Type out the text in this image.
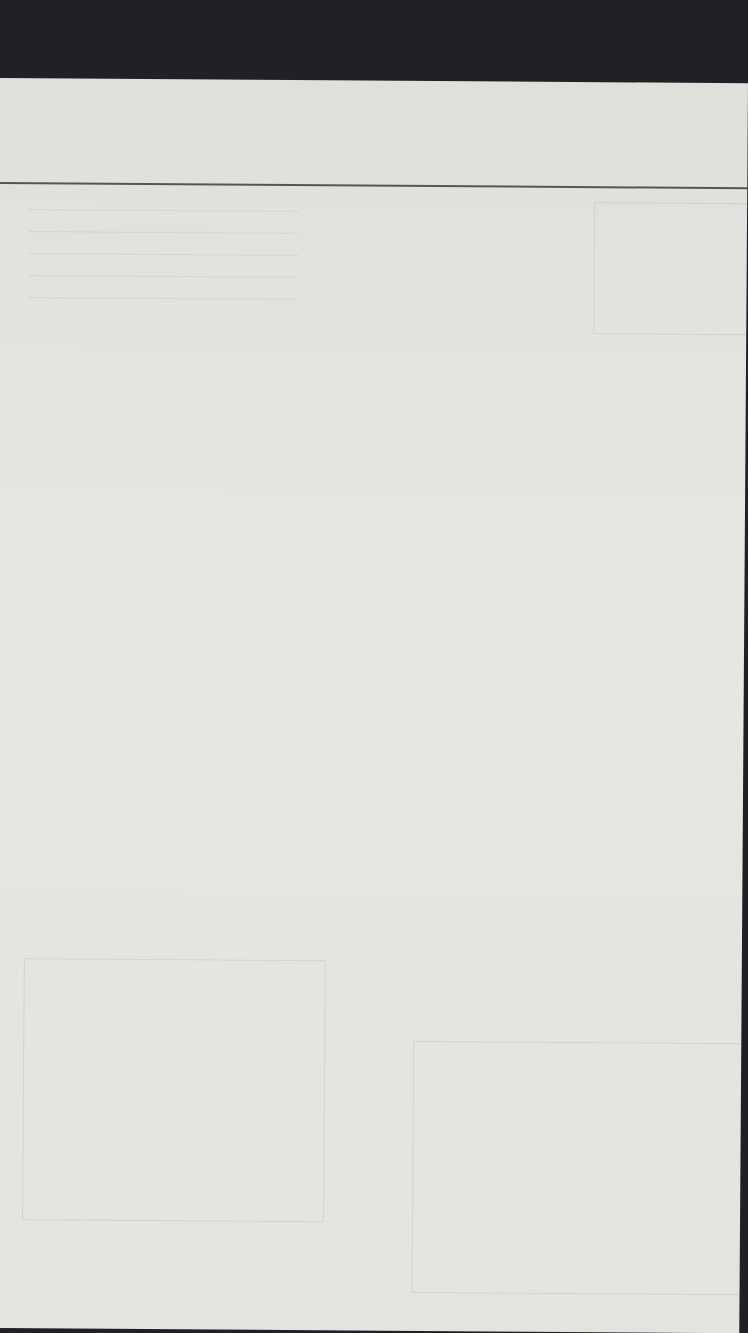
~~~~~~~~~~~~~~~~~~~~~~~~~~~~~~~~~
~~~~~~~~~~~~~~~~~~~~~~~~~~~~~~~~~
~~~~~~~~~~~~~~~~~~~~~~~~~~~~~~~~~
~~~~~~~~~~~~~~~~~~~~~~~~~~~~~~~~~
~~~~~~~~~~~~~~~~~~~~~~~~~~~~~~~~~
